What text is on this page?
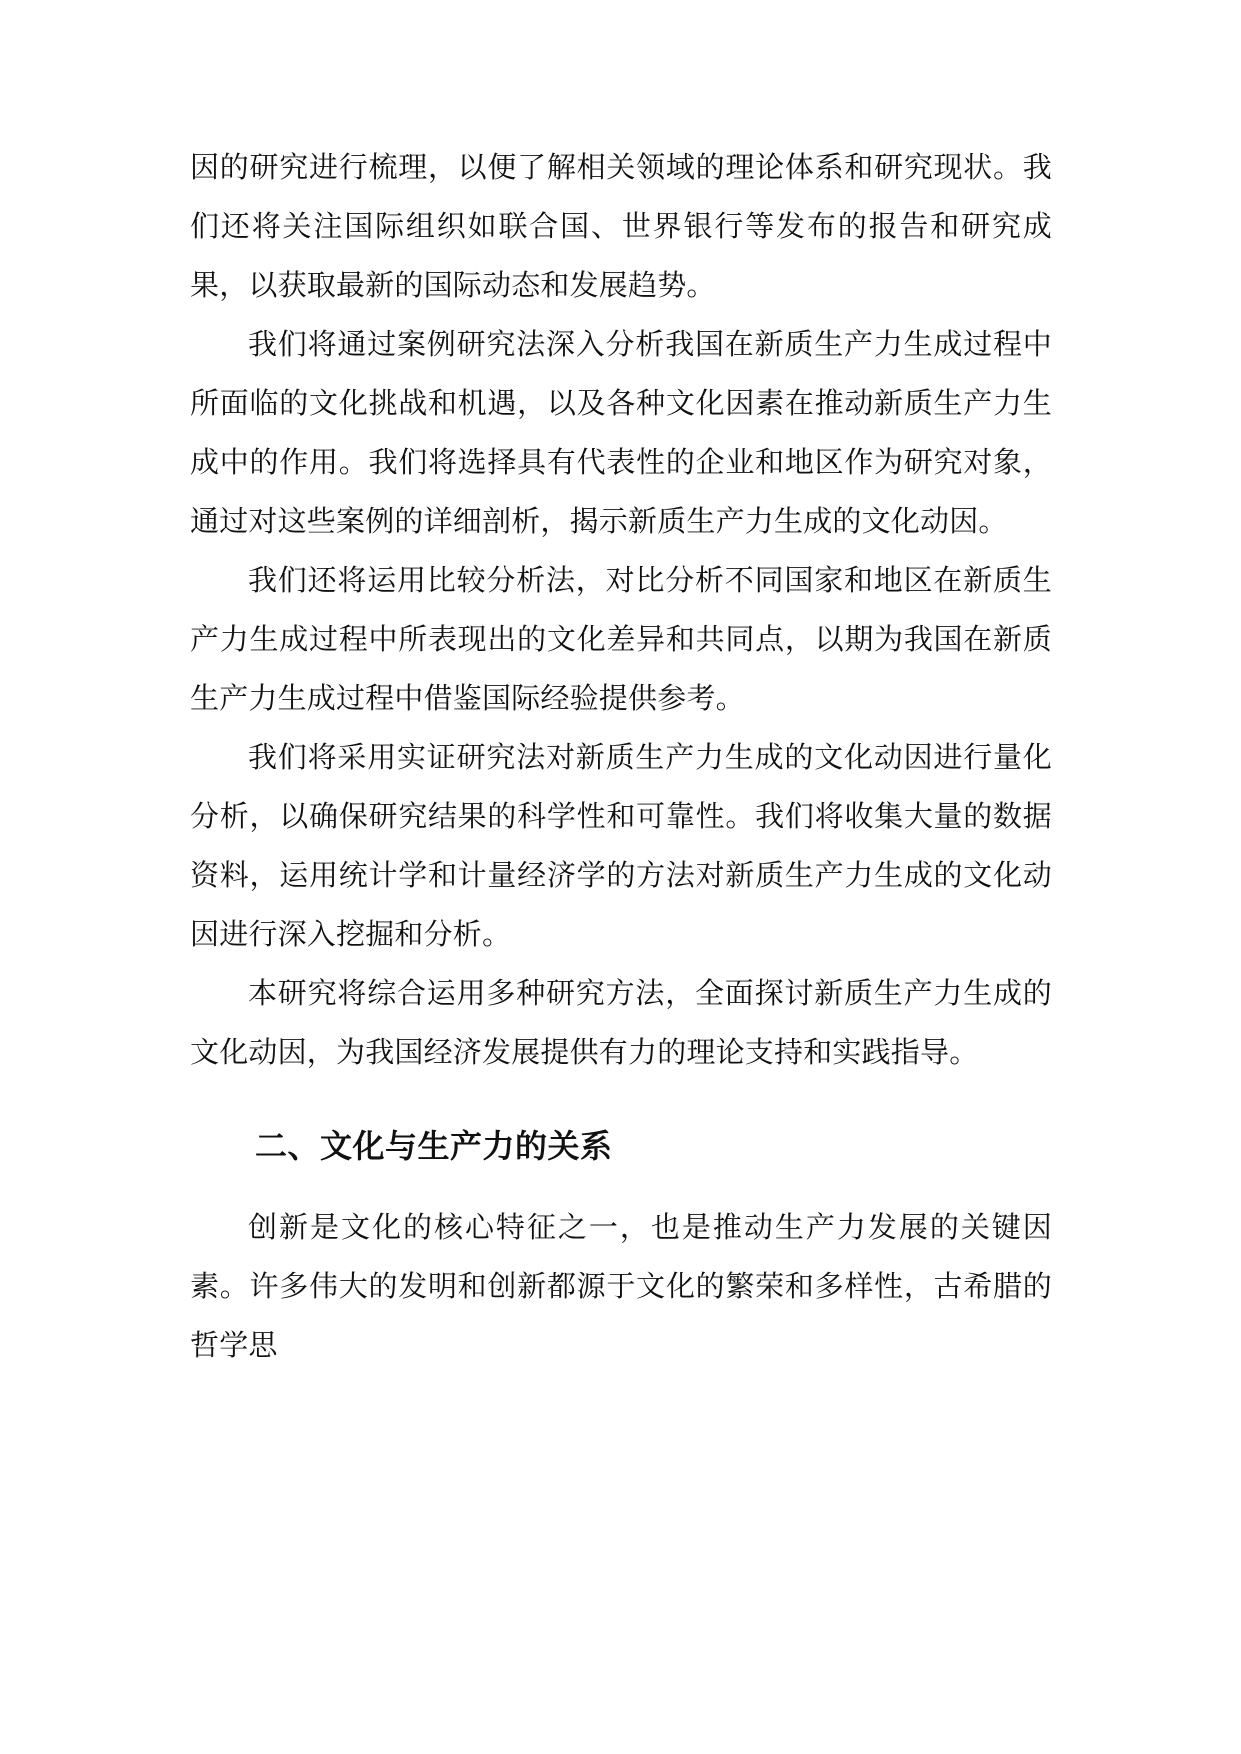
因的研究进行梳理，以便了解相关领域的理论体系和研究现状。我们还将关注国际组织如联合国、世界银行等发布的报告和研究成果，以获取最新的国际动态和发展趋势。

我们将通过案例研究法深入分析我国在新质生产力生成过程中所面临的文化挑战和机遇，以及各种文化因素在推动新质生产力生成中的作用。我们将选择具有代表性的企业和地区作为研究对象，通过对这些案例的详细剖析，揭示新质生产力生成的文化动因。

我们还将运用比较分析法，对比分析不同国家和地区在新质生产力生成过程中所表现出的文化差异和共同点，以期为我国在新质生产力生成过程中借鉴国际经验提供参考。

我们将采用实证研究法对新质生产力生成的文化动因进行量化分析，以确保研究结果的科学性和可靠性。我们将收集大量的数据资料，运用统计学和计量经济学的方法对新质生产力生成的文化动因进行深入挖掘和分析。

本研究将综合运用多种研究方法，全面探讨新质生产力生成的文化动因，为我国经济发展提供有力的理论支持和实践指导。

二、文化与生产力的关系

创新是文化的核心特征之一，也是推动生产力发展的关键因素。许多伟大的发明和创新都源于文化的繁荣和多样性，古希腊的哲学思
